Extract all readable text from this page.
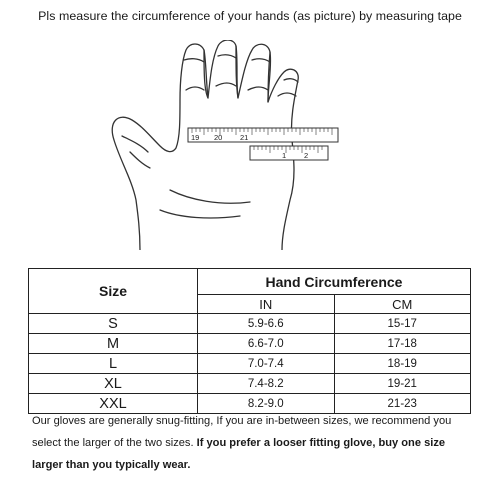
Pls measure the circumference of your hands (as picture) by measuring tape
19 20 21
1 2
Size	Hand Circumference	
	IN	CM
S	5.9-6.6	15-17
M	6.6-7.0	17-18
L	7.0-7.4	18-19
XL	7.4-8.2	19-21
XXL	8.2-9.0	21-23
Our gloves are generally snug-fitting, If you are in-between sizes, we recommend you select the larger of the two sizes. If you prefer a looser fitting glove, buy one size larger than you typically wear.
